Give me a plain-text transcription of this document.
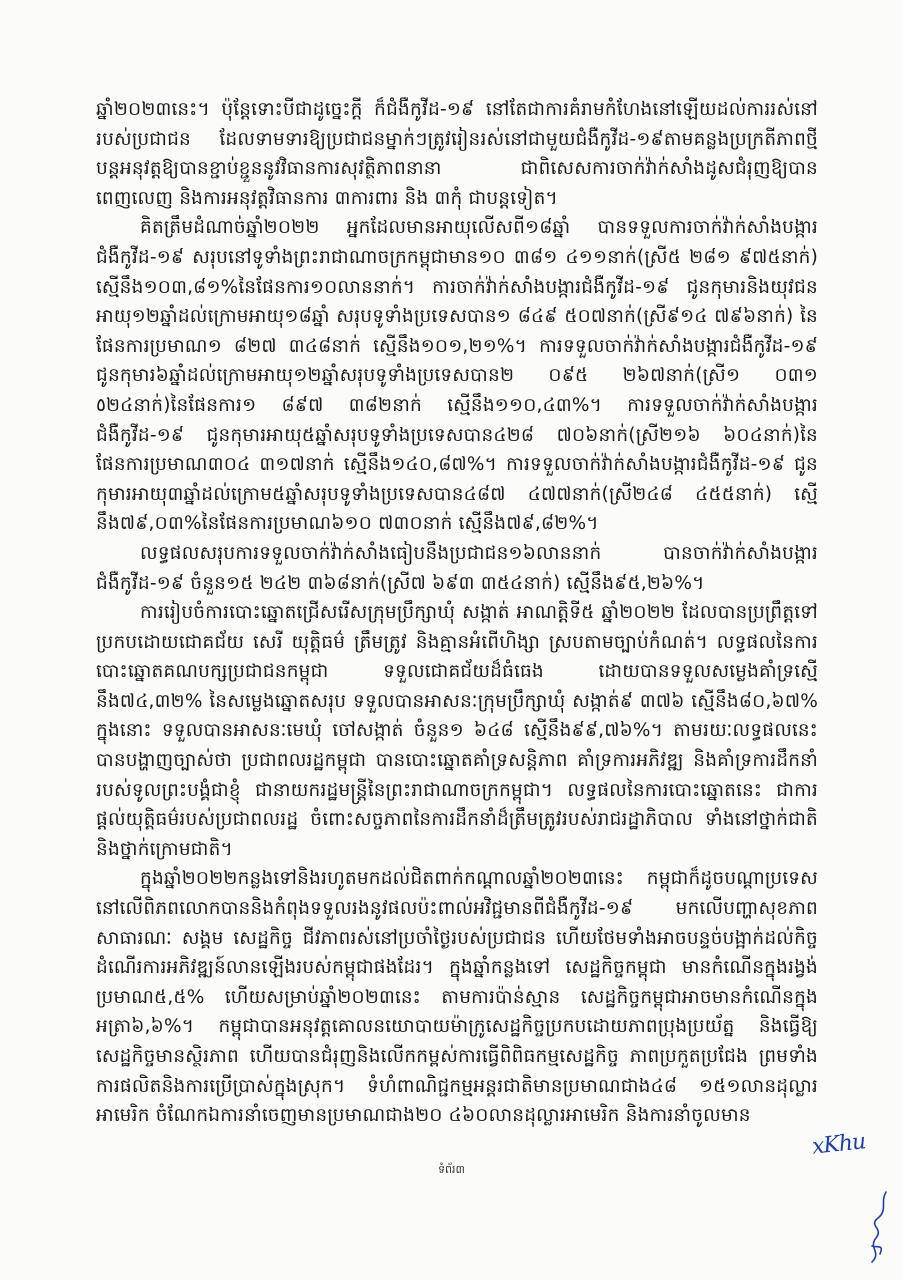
ឆ្នាំ២០២៣នេះ។ ប៉ុន្តែទោះបីជាដូច្នេះក្តី ក៏ជំងឺកូវីដ-១៩ នៅតែជាការគំរាមកំហែងនៅឡើយដល់ការរស់នៅរបស់ប្រជាជន ដែលទាមទារឱ្យប្រជាជនម្នាក់ៗត្រូវរៀនរស់នៅជាមួយជំងឺកូវីដ-១៩តាមគន្លងប្រក្រតីភាពថ្មី បន្តអនុវត្តឱ្យបានខ្ជាប់ខ្ជួននូវវិធានការសុវត្ថិភាពនានា ជាពិសេសការចាក់វ៉ាក់សាំងដូសជំរុញឱ្យបានពេញលេញ និងការអនុវត្តវិធានការ ៣ការពារ និង ៣កុំ ជាបន្តទៀត។

គិតត្រឹមដំណាច់ឆ្នាំ២០២២ អ្នកដែលមានអាយុលើសពី១៨ឆ្នាំ បានទទួលការចាក់វ៉ាក់សាំងបង្ការជំងឺកូវីដ-១៩ សរុបនៅទូទាំងព្រះរាជាណាចក្រកម្ពុជាមាន១០ ៣៨១ ៤១១នាក់(ស្រី៥ ២៨១ ៩៧៥នាក់) ស្មើនឹង១០៣,៨១%នៃផែនការ១០លាននាក់។ ការចាក់វ៉ាក់សាំងបង្ការជំងឺកូវីដ-១៩ ជូនកុមារនិងយុវជនអាយុ១២ឆ្នាំដល់ក្រោមអាយុ១៨ឆ្នាំ សរុបទូទាំងប្រទេសបាន១ ៨៤៩ ៥០៧នាក់(ស្រី៩១៤ ៧៩៦នាក់) នៃផែនការប្រមាណ១ ៨២៧ ៣៤៨នាក់ ស្មើនឹង១០១,២១%។ ការទទួលចាក់វ៉ាក់សាំងបង្ការជំងឺកូវីដ-១៩ ជូនកុមារ៦ឆ្នាំដល់ក្រោមអាយុ១២ឆ្នាំសរុបទូទាំងប្រទេសបាន២ ០៩៥ ២៦៧នាក់(ស្រី១ ០៣១ ٥២៤នាក់)នៃផែនការ១ ៨៩៧ ៣៨២នាក់ ស្មើនឹង១១០,៤៣%។ ការទទួលចាក់វ៉ាក់សាំងបង្ការជំងឺកូវីដ-១៩ ជូនកុមារអាយុ៥ឆ្នាំសរុបទូទាំងប្រទេសបាន៤២៨ ៧០៦នាក់(ស្រី២១៦ ៦០៤នាក់)នៃផែនការប្រមាណ៣០៤ ៣១៧នាក់ ស្មើនឹង១៤០,៨៧%។ ការទទួលចាក់វ៉ាក់សាំងបង្ការជំងឺកូវីដ-១៩ ជូនកុមារអាយុ៣ឆ្នាំដល់ក្រោម៥ឆ្នាំសរុបទូទាំងប្រទេសបាន៤៨៧ ៤៧៧នាក់(ស្រី២៤៨ ៤៥៥នាក់) ស្មើនឹង៧៩,០៣%នៃផែនការប្រមាណ៦១០ ៧៣០នាក់ ស្មើនឹង៧៩,៨២%។

លទ្ធផលសរុបការទទួលចាក់វ៉ាក់សាំងធៀបនឹងប្រជាជន១៦លាននាក់ បានចាក់វ៉ាក់សាំងបង្ការជំងឺកូវីដ-១៩ ចំនួន១៥ ២៤២ ៣៦៨នាក់(ស្រី៧ ៦៩៣ ៣៥៤នាក់) ស្មើនឹង៩៥,២៦%។

ការរៀបចំការបោះឆ្នោតជ្រើសរើសក្រុមប្រឹក្សាឃុំ សង្កាត់ អាណត្តិទី៥ ឆ្នាំ២០២២ ដែលបានប្រព្រឹត្តទៅប្រកបដោយជោគជ័យ សេរី យុត្តិធម៌ ត្រឹមត្រូវ និងគ្មានអំពើហិង្សា ស្របតាមច្បាប់កំណត់។ លទ្ធផលនៃការបោះឆ្នោតគណបក្សប្រជាជនកម្ពុជា ទទួលជោគជ័យដ៏ធំធេង ដោយបានទទួលសម្លេងគាំទ្រស្មើនឹង៧៤,៣២% នៃសម្លេងឆ្នោតសរុប ទទួលបានអាសនៈក្រុមប្រឹក្សាឃុំ សង្កាត់៩ ៣៧៦ ស្មើនឹង៨០,៦៧% ក្នុងនោះ ទទួលបានអាសនៈមេឃុំ ចៅសង្កាត់ ចំនួន១ ៦៤៨ ស្មើនឹង៩៩,៧៦%។ តាមរយៈលទ្ធផលនេះបានបង្ហាញច្បាស់ថា ប្រជាពលរដ្ឋកម្ពុជា បានបោះឆ្នោតគាំទ្រសន្តិភាព គាំទ្រការអភិវឌ្ឍ និងគាំទ្រការដឹកនាំរបស់ទូលព្រះបង្គំជាខ្ញុំ ជានាយករដ្ឋមន្ត្រីនៃព្រះរាជាណាចក្រកម្ពុជា។ លទ្ធផលនៃការបោះឆ្នោតនេះ ជាការផ្តល់យុត្តិធម៌របស់ប្រជាពលរដ្ឋ ចំពោះសច្ចភាពនៃការដឹកនាំដ៏ត្រឹមត្រូវរបស់រាជរដ្ឋាភិបាល ទាំងនៅថ្នាក់ជាតិ និងថ្នាក់ក្រោមជាតិ។

ក្នុងឆ្នាំ២០២២កន្លងទៅនិងរហូតមកដល់ជិតពាក់កណ្តាលឆ្នាំ២០២៣នេះ កម្ពុជាក៏ដូចបណ្តាប្រទេសនៅលើពិភពលោកបាននិងកំពុងទទួលរងនូវផលប៉ះពាល់អវិជ្ជមានពីជំងឺកូវីដ-១៩ មកលើបញ្ហាសុខភាពសាធារណៈ សង្គម សេដ្ឋកិច្ច ជីវភាពរស់នៅប្រចាំថ្ងៃរបស់ប្រជាជន ហើយថែមទាំងអាចបន្ទច់បង្អាក់ដល់កិច្ចដំណើរការអភិវឌ្ឍន៍លានឡើងរបស់កម្ពុជាផងដែរ។ ក្នុងឆ្នាំកន្លងទៅ សេដ្ឋកិច្ចកម្ពុជា មានកំណើនក្នុងរង្វង់ប្រមាណ៥,៥% ហើយសម្រាប់ឆ្នាំ២០២៣នេះ តាមការប៉ាន់ស្មាន សេដ្ឋកិច្ចកម្ពុជាអាចមានកំណើនក្នុងអត្រា៦,៦%។ កម្ពុជាបានអនុវត្តគោលនយោបាយម៉ាក្រូសេដ្ឋកិច្ចប្រកបដោយភាពប្រុងប្រយ័ត្ន និងធ្វើឱ្យសេដ្ឋកិច្ចមានស្ថិរភាព ហើយបានជំរុញនិងលើកកម្ពស់ការធ្វើពិពិធកម្មសេដ្ឋកិច្ច ភាពប្រកួតប្រជែង ព្រមទាំងការផលិតនិងការប្រើប្រាស់ក្នុងស្រុក។ ទំហំពាណិជ្ជកម្មអន្តរជាតិមានប្រមាណជាង៤៨ ១៥១លានដុល្លារអាមេរិក ចំណែកឯការនាំចេញមានប្រមាណជាង២០ ៤៦០លានដុល្លារអាមេរិក និងការនាំចូលមាន

xKhu
ទំព័រ៣
